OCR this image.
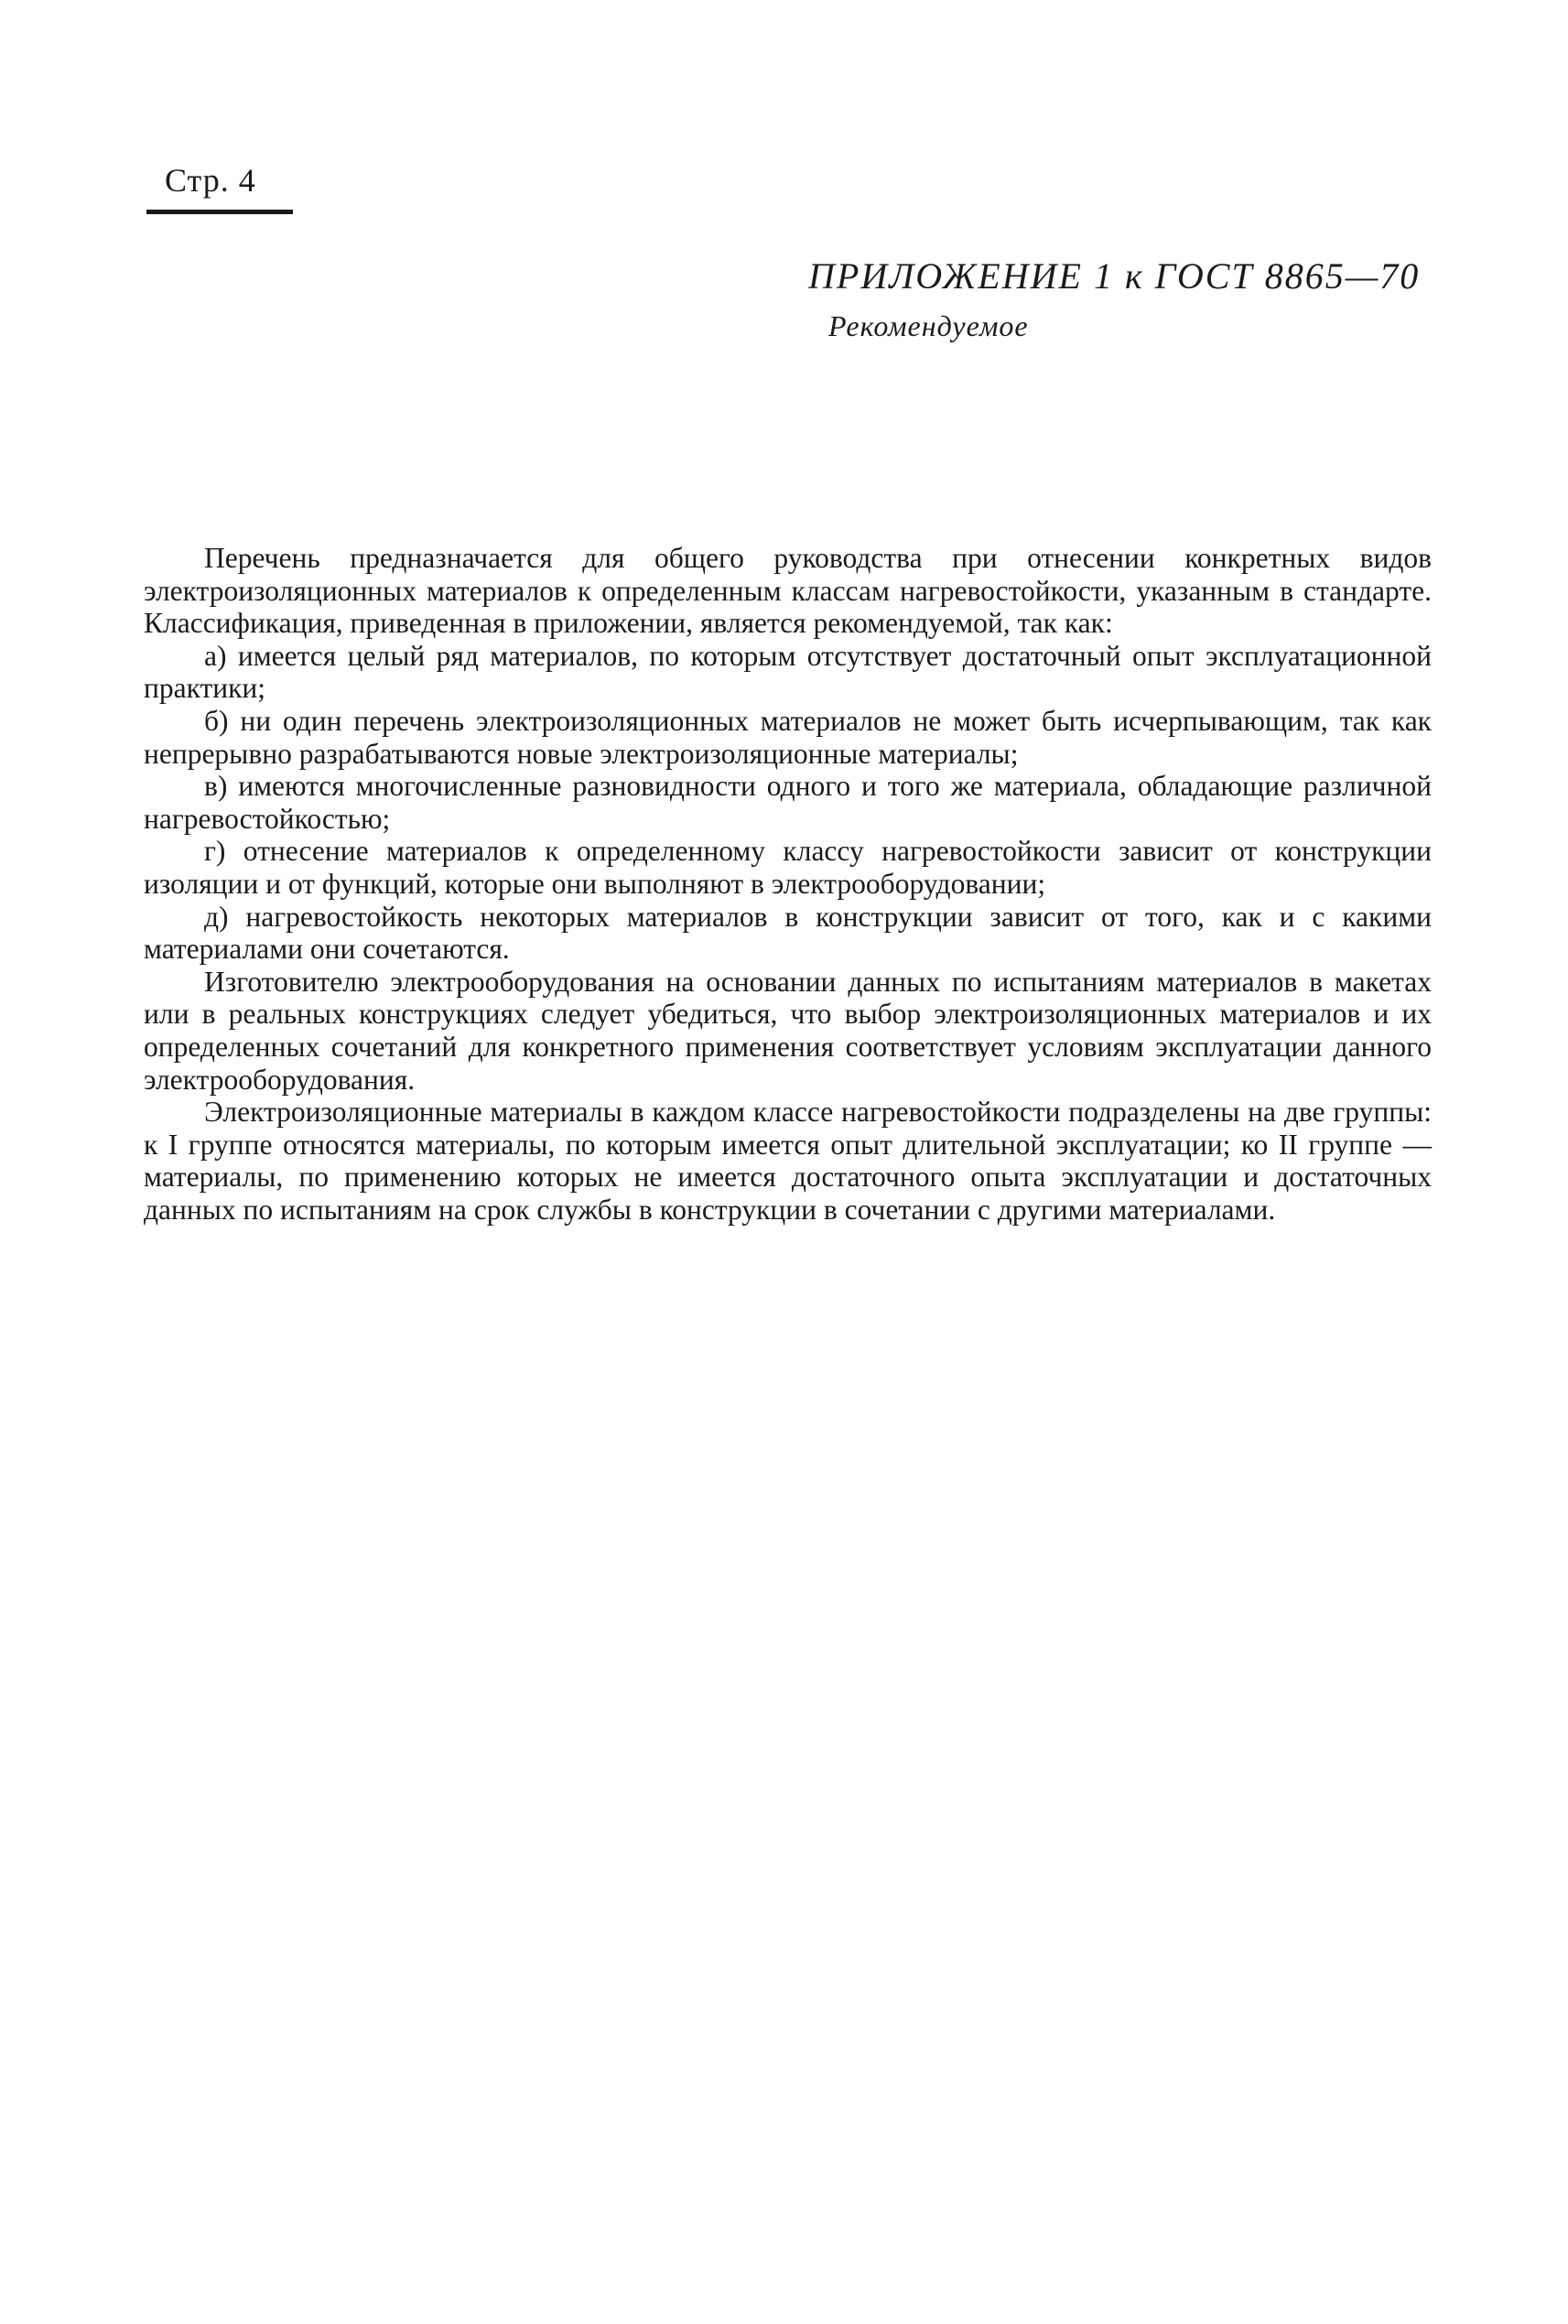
Стр. 4
ПРИЛОЖЕНИЕ 1 к ГОСТ 8865—70
Рекомендуемое

Перечень предназначается для общего руководства при отнесении конкретных видов электроизоляционных материалов к определенным классам нагревостойкости, указанным в стандарте. Классификация, приведенная в приложении, является рекомендуемой, так как:

а) имеется целый ряд материалов, по которым отсутствует достаточный опыт эксплуатационной практики;

б) ни один перечень электроизоляционных материалов не может быть исчерпывающим, так как непрерывно разрабатываются новые электроизоляционные материалы;

в) имеются многочисленные разновидности одного и того же материала, обладающие различной нагревостойкостью;

г) отнесение материалов к определенному классу нагревостойкости зависит от конструкции изоляции и от функций, которые они выполняют в электрооборудовании;

д) нагревостойкость некоторых материалов в конструкции зависит от того, как и с какими материалами они сочетаются.

Изготовителю электрооборудования на основании данных по испытаниям материалов в макетах или в реальных конструкциях следует убедиться, что выбор электроизоляционных материалов и их определенных сочетаний для конкретного применения соответствует условиям эксплуатации данного электрооборудования.

Электроизоляционные материалы в каждом классе нагревостойкости подразделены на две группы: к I группе относятся материалы, по которым имеется опыт длительной эксплуатации; ко II группе — материалы, по применению которых не имеется достаточного опыта эксплуатации и достаточных данных по испытаниям на срок службы в конструкции в сочетании с другими материалами.
